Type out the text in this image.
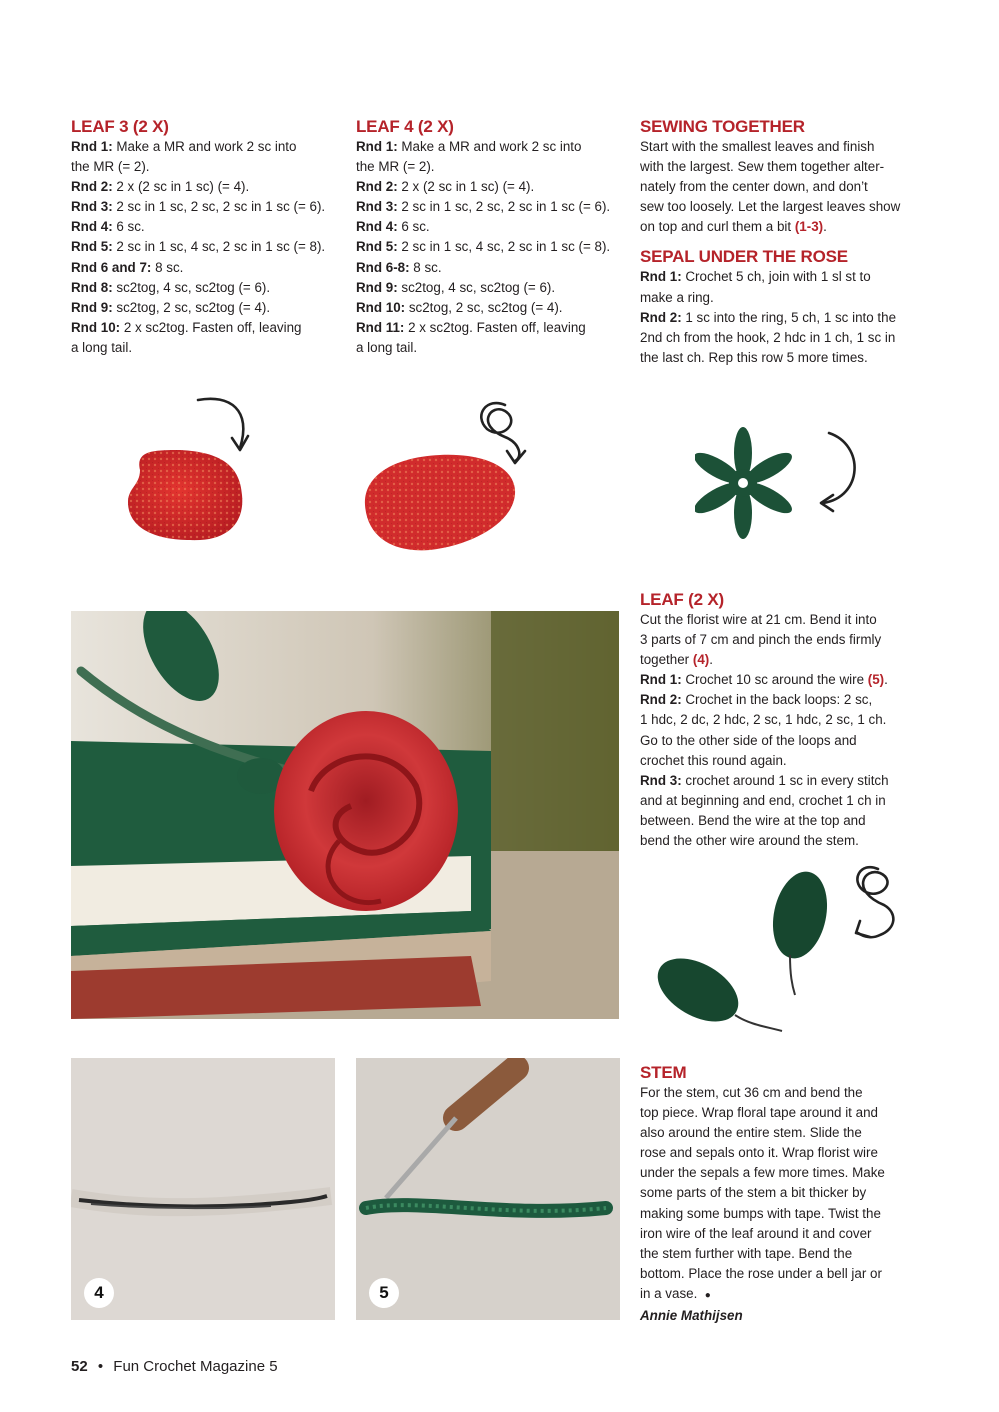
LEAF 3 (2 X)

Rnd 1: Make a MR and work 2 sc into

the MR (= 2).

Rnd 2: 2 x (2 sc in 1 sc) (= 4).

Rnd 3: 2 sc in 1 sc, 2 sc, 2 sc in 1 sc (= 6).

Rnd 4: 6 sc.

Rnd 5: 2 sc in 1 sc, 4 sc, 2 sc in 1 sc (= 8).

Rnd 6 and 7: 8 sc.

Rnd 8: sc2tog, 4 sc, sc2tog (= 6).

Rnd 9: sc2tog, 2 sc, sc2tog (= 4).

Rnd 10: 2 x sc2tog. Fasten off, leaving

a long tail.

LEAF 4 (2 X)

Rnd 1: Make a MR and work 2 sc into

the MR (= 2).

Rnd 2: 2 x (2 sc in 1 sc) (= 4).

Rnd 3: 2 sc in 1 sc, 2 sc, 2 sc in 1 sc (= 6).

Rnd 4: 6 sc.

Rnd 5: 2 sc in 1 sc, 4 sc, 2 sc in 1 sc (= 8).

Rnd 6-8: 8 sc.

Rnd 9: sc2tog, 4 sc, sc2tog (= 6).

Rnd 10: sc2tog, 2 sc, sc2tog (= 4).

Rnd 11: 2 x sc2tog. Fasten off, leaving

a long tail.

SEWING TOGETHER

Start with the smallest leaves and finish

with the largest. Sew them together alter-

nately from the center down, and don’t

sew too loosely. Let the largest leaves show

on top and curl them a bit (1-3).

SEPAL UNDER THE ROSE

Rnd 1: Crochet 5 ch, join with 1 sl st to

make a ring.

Rnd 2: 1 sc into the ring, 5 ch, 1 sc into the

2nd ch from the hook, 2 hdc in 1 ch, 1 sc in

the last ch. Rep this row 5 more times.

LEAF (2 X)

Cut the florist wire at 21 cm. Bend it into

3 parts of 7 cm and pinch the ends firmly

together (4).

Rnd 1: Crochet 10 sc around the wire (5).

Rnd 2: Crochet in the back loops: 2 sc,

1 hdc, 2 dc, 2 hdc, 2 sc, 1 hdc, 2 sc, 1 ch.

Go to the other side of the loops and

crochet this round again.

Rnd 3: crochet around 1 sc in every stitch

and at beginning and end, crochet 1 ch in

between. Bend the wire at the top and

bend the other wire around the stem.

4	5

STEM

For the stem, cut 36 cm and bend the

top piece. Wrap floral tape around it and

also around the entire stem. Slide the

rose and sepals onto it. Wrap florist wire

under the sepals a few more times. Make

some parts of the stem a bit thicker by

making some bumps with tape. Twist the

iron wire of the leaf around it and cover

the stem further with tape. Bend the

bottom. Place the rose under a bell jar or

in a vase. ●

Annie Mathijsen

52 • Fun Crochet Magazine 5
